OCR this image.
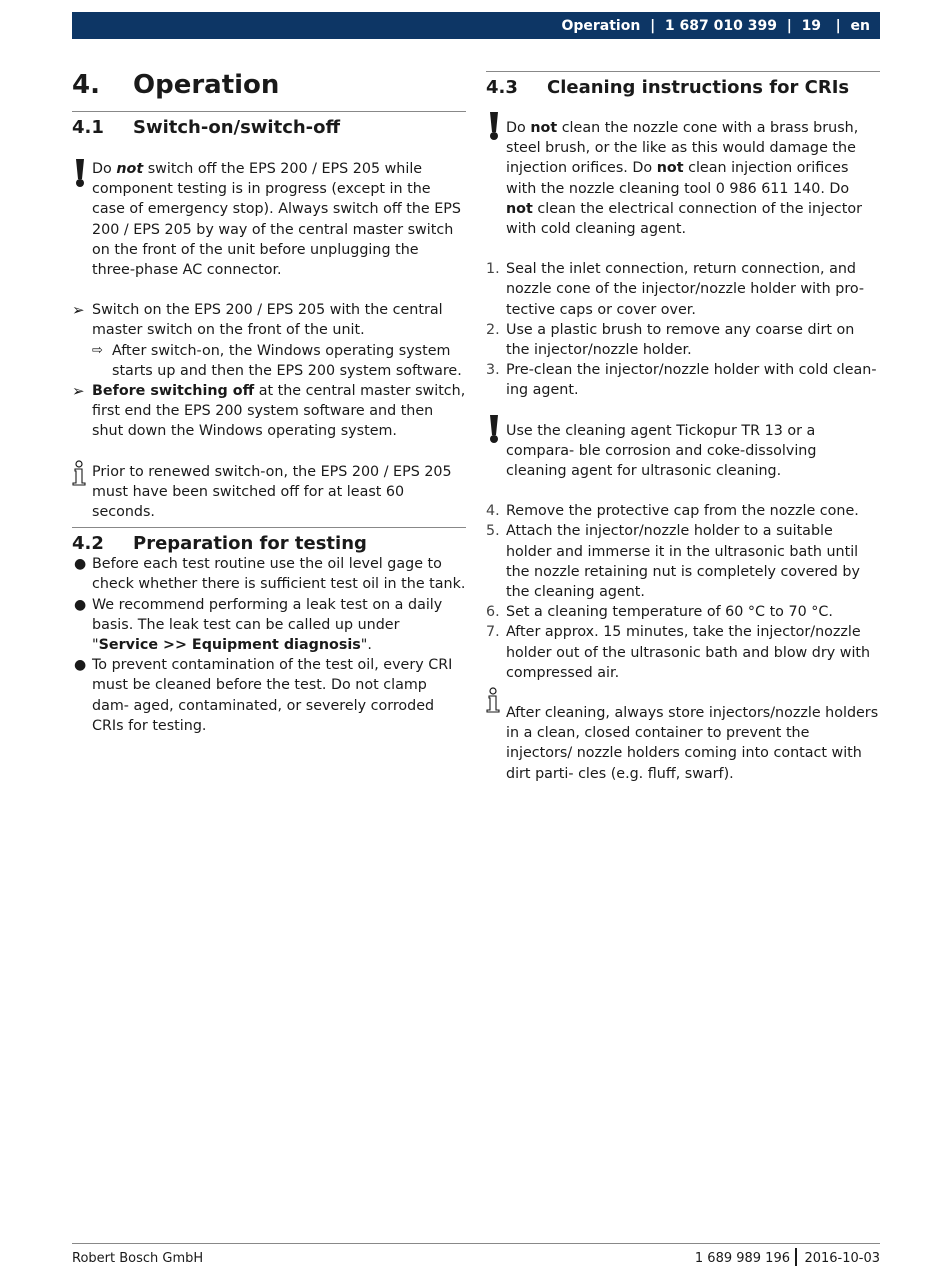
Operation  |  1 687 010 399  |  19   |  en
4. Operation
4.1 Switch-on/switch-off
Do not switch off the EPS 200 / EPS 205 while component testing is in progress (except in the case of emergency stop). Always switch off the EPS 200 / EPS 205 by way of the central master switch on the front of the unit before unplugging the three-phase AC connector.
➢ Switch on the EPS 200 / EPS 205 with the central master switch on the front of the unit.
⇨ After switch-on, the Windows operating system starts up and then the EPS 200 system software.
➢ Before switching off at the central master switch, first end the EPS 200 system software and then shut down the Windows operating system.
Prior to renewed switch-on, the EPS 200 / EPS 205 must have been switched off for at least 60 seconds.
4.2 Preparation for testing
● Before each test routine use the oil level gage to check whether there is sufficient test oil in the tank.
● We recommend performing a leak test on a daily basis. The leak test can be called up under "Service >> Equipment diagnosis".
● To prevent contamination of the test oil, every CRI must be cleaned before the test. Do not clamp dam- aged, contaminated, or severely corroded CRIs for testing.
4.3 Cleaning instructions for CRIs
Do not clean the nozzle cone with a brass brush, steel brush, or the like as this would damage the injection orifices. Do not clean injection orifices with the nozzle cleaning tool 0 986 611 140. Do not clean the electrical connection of the injector with cold cleaning agent.
1. Seal the inlet connection, return connection, and nozzle cone of the injector/nozzle holder with pro- tective caps or cover over.
2. Use a plastic brush to remove any coarse dirt on the injector/nozzle holder.
3. Pre-clean the injector/nozzle holder with cold clean- ing agent.
Use the cleaning agent Tickopur TR 13 or a compara- ble corrosion and coke-dissolving cleaning agent for ultrasonic cleaning.
4. Remove the protective cap from the nozzle cone.
5. Attach the injector/nozzle holder to a suitable holder and immerse it in the ultrasonic bath until the nozzle retaining nut is completely covered by the cleaning agent.
6. Set a cleaning temperature of 60 °C to 70 °C.
7. After approx. 15 minutes, take the injector/nozzle holder out of the ultrasonic bath and blow dry with compressed air.
After cleaning, always store injectors/nozzle holders in a clean, closed container to prevent the injectors/ nozzle holders coming into contact with dirt parti- cles (e.g. fluff, swarf).
Robert Bosch GmbH	1 689 989 196 2016-10-03
